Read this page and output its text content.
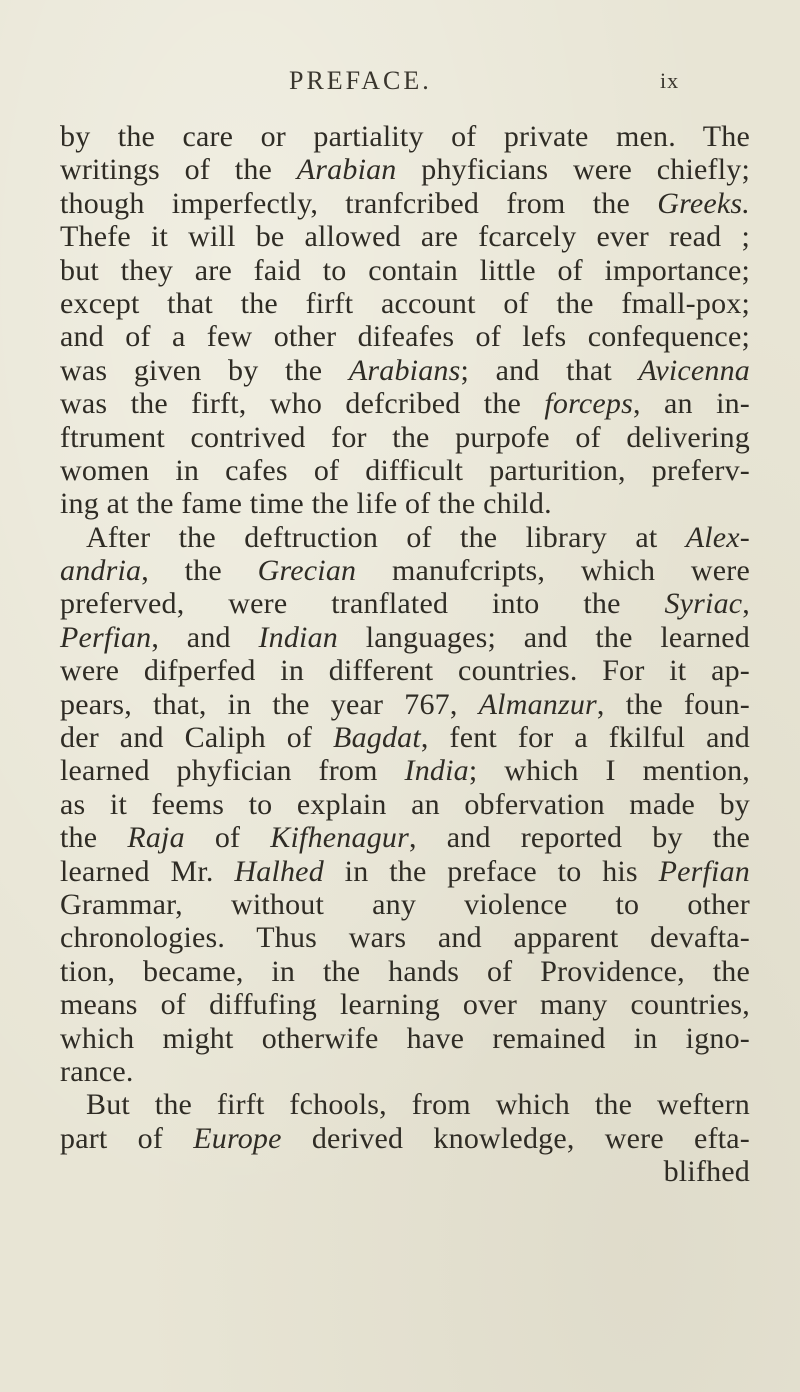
PREFACE.	ix
by the care or partiality of private men. The
writings of the Arabian phyficians were chiefly;
though imperfectly, tranfcribed from the Greeks.
Thefe it will be allowed are fcarcely ever read ;
but they are faid to contain little of importance;
except that the firft account of the fmall-pox;
and of a few other difeafes of lefs confequence;
was given by the Arabians; and that Avicenna
was the firft, who defcribed the forceps, an in-
ftrument contrived for the purpofe of delivering
women in cafes of difficult parturition, preferv-
ing at the fame time the life of the child.
After the deftruction of the library at Alex-
andria, the Grecian manufcripts, which were
preferved, were tranflated into the Syriac,
Perfian, and Indian languages; and the learned
were difperfed in different countries. For it ap-
pears, that, in the year 767, Almanzur, the foun-
der and Caliph of Bagdat, fent for a fkilful and
learned phyfician from India; which I mention,
as it feems to explain an obfervation made by
the Raja of Kifhenagur, and reported by the
learned Mr. Halhed in the preface to his Perfian
Grammar, without any violence to other
chronologies. Thus wars and apparent devafta-
tion, became, in the hands of Providence, the
means of diffufing learning over many countries,
which might otherwife have remained in igno-
rance.
But the firft fchools, from which the weftern
part of Europe derived knowledge, were efta-
blifhed
